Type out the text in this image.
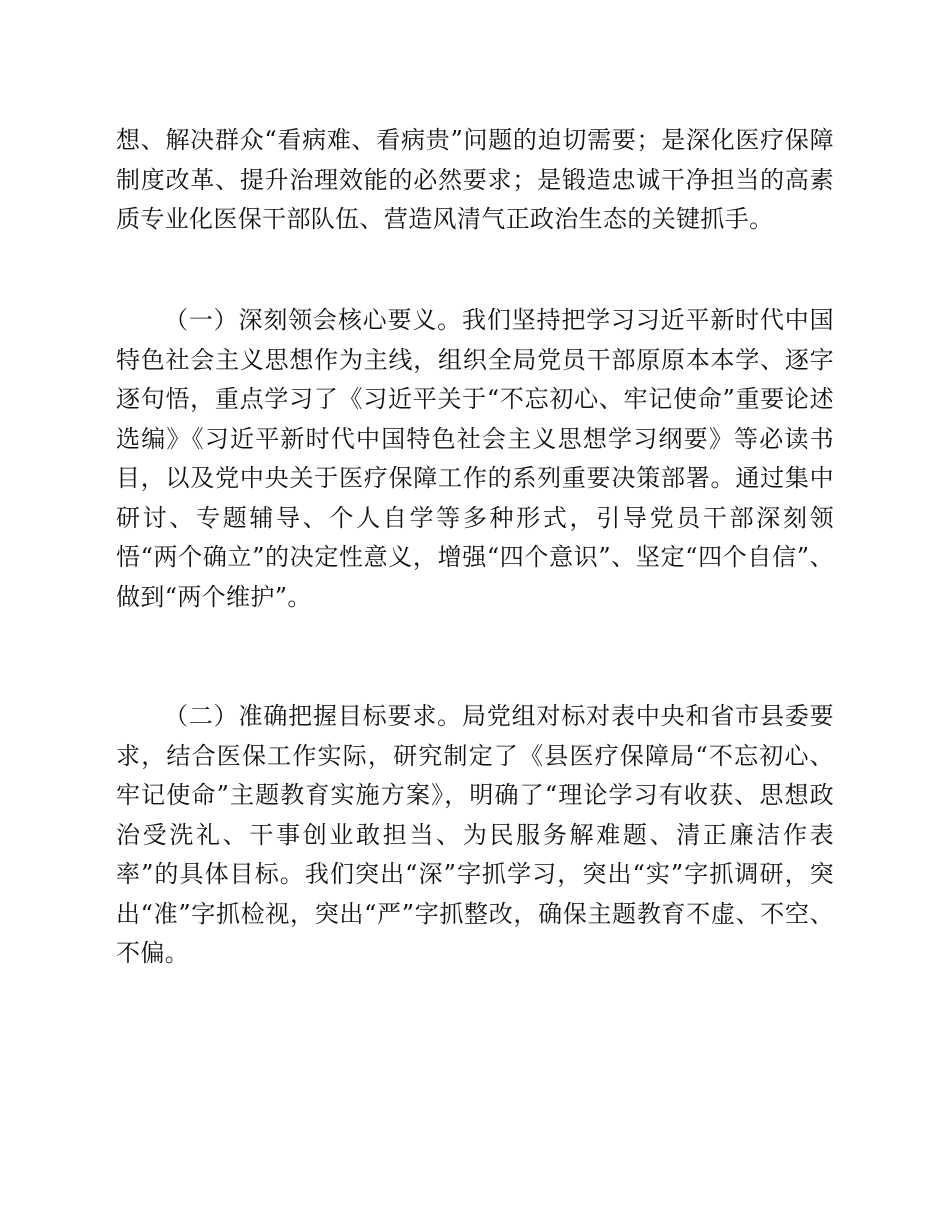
想、解决群众“看病难、看病贵”问题的迫切需要；是深化医疗保障制度改革、提升治理效能的必然要求；是锻造忠诚干净担当的高素质专业化医保干部队伍、营造风清气正政治生态的关键抓手。

（一）深刻领会核心要义。我们坚持把学习习近平新时代中国特色社会主义思想作为主线，组织全局党员干部原原本本学、逐字逐句悟，重点学习了《习近平关于“不忘初心、牢记使命”重要论述选编》《习近平新时代中国特色社会主义思想学习纲要》等必读书目，以及党中央关于医疗保障工作的系列重要决策部署。通过集中研讨、专题辅导、个人自学等多种形式，引导党员干部深刻领悟“两个确立”的决定性意义，增强“四个意识”、坚定“四个自信”、做到“两个维护”。

（二）准确把握目标要求。局党组对标对表中央和省市县委要求，结合医保工作实际，研究制定了《县医疗保障局“不忘初心、牢记使命”主题教育实施方案》，明确了“理论学习有收获、思想政治受洗礼、干事创业敢担当、为民服务解难题、清正廉洁作表率”的具体目标。我们突出“深”字抓学习，突出“实”字抓调研，突出“准”字抓检视，突出“严”字抓整改，确保主题教育不虚、不空、不偏。
